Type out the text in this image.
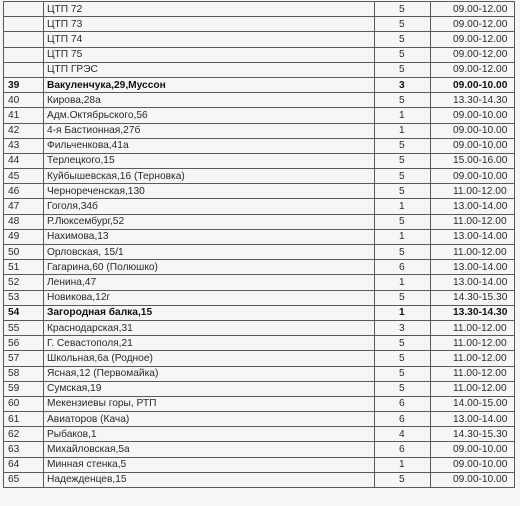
	ЦТП 72	5	09.00-12.00
	ЦТП 73	5	09.00-12.00
	ЦТП 74	5	09.00-12.00
	ЦТП 75	5	09.00-12.00
	ЦТП ГРЭС	5	09.00-12.00
39	Вакуленчука,29,Муссон	3	09.00-10.00
40	Кирова,28а	5	13.30-14.30
41	Адм.Октябрьского,56	1	09.00-10.00
42	4-я Бастионная,27б	1	09.00-10.00
43	Фильченкова,41а	5	09.00-10.00
44	Терлецкого,15	5	15.00-16.00
45	Куйбышевская,16 (Терновка)	5	09.00-10.00
46	Чернореченская,130	5	11.00-12.00
47	Гоголя,34б	1	13.00-14.00
48	Р.Люксембург,52	5	11.00-12.00
49	Нахимова,13	1	13.00-14.00
50	Орловская, 15/1	5	11.00-12.00
51	Гагарина,60 (Полюшко)	6	13.00-14.00
52	Ленина,47	1	13.00-14.00
53	Новикова,12г	5	14.30-15.30
54	Загородная балка,15	1	13.30-14.30
55	Краснодарская,31	3	11.00-12.00
56	Г. Севастополя,21	5	11.00-12.00
57	Школьная,6а (Родное)	5	11.00-12.00
58	Ясная,12 (Первомайка)	5	11.00-12.00
59	Сумская,19	5	11.00-12.00
60	Мекензиевы горы, РТП	6	14.00-15.00
61	Авиаторов (Кача)	6	13.00-14.00
62	Рыбаков,1	4	14.30-15.30
63	Михайловская,5а	6	09.00-10.00
64	Минная стенка,5	1	09.00-10.00
65	Надежденцев,15	5	09.00-10.00
